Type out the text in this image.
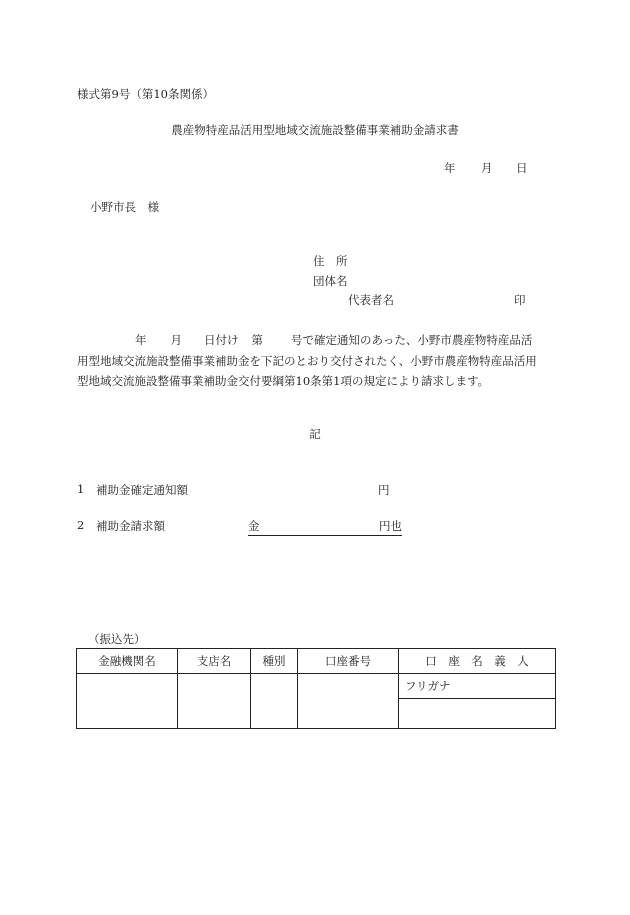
様式第9号（第10条関係）
農産物特産品活用型地域交流施設整備事業補助金請求書
年 月 日
小野市長　様
住　所
団体名
代表者名	印
年 月 日付け 第 号で確定通知のあった、小野市農産物特産品活
用型地域交流施設整備事業補助金を下記のとおり交付されたく、小野市農産物特産品活用
型地域交流施設整備事業補助金交付要綱第10条第1項の規定により請求します。
記
1 補助金確定通知額	円
2 補助金請求額	金	円也
（振込先）
金融機関名	支店名	種別	口座番号	口　座　名　義　人
				フリガナ
